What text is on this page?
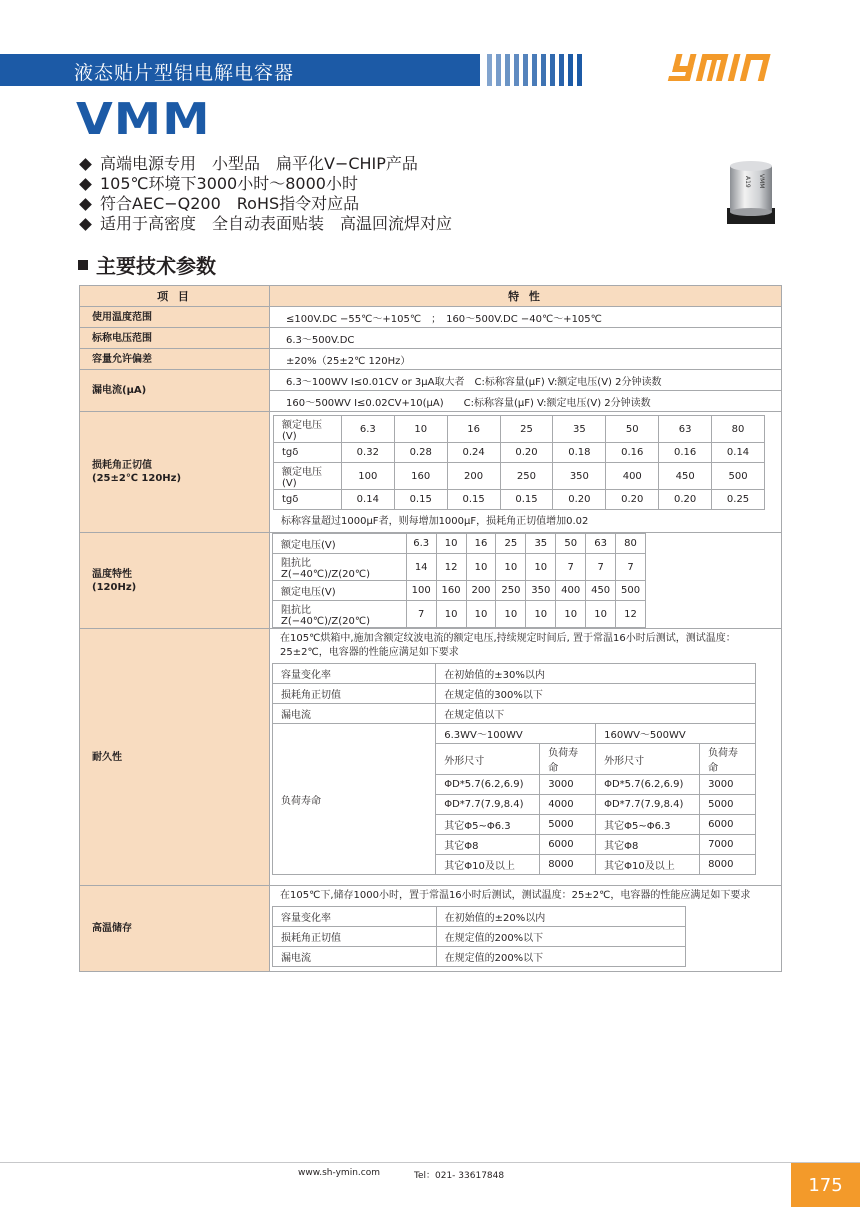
液态贴片型铝电解电容器
VMM
高端电源专用　小型品　扁平化V−CHIP产品
105℃环境下3000小时～8000小时
符合AEC−Q200　RoHS指令对应品
适用于高密度　全自动表面贴装　高温回流焊对应
VMM
A19
主要技术参数
项 目	特 性
使用温度范围	≤100V.DC −55℃～+105℃　；　160～500V.DC −40℃～+105℃
标称电压范围	6.3～500V.DC
容量允许偏差	±20%（25±2℃ 120Hz）
漏电流(μA)	6.3～100WV I≤0.01CV or 3μA取大者　C:标称容量(μF) V:额定电压(V) 2分钟读数
160～500WV I≤0.02CV+10(μA)　　C:标称容量(μF) V:额定电压(V) 2分钟读数

损耗角正切值
(25±2℃ 120Hz)

额定电压(V)	6.3	10	16	25	35	50	63	80
tgδ	0.32	0.28	0.24	0.20	0.18	0.16	0.16	0.14
额定电压(V)	100	160	200	250	350	400	450	500
tgδ	0.14	0.15	0.15	0.15	0.20	0.20	0.20	0.25
标称容量超过1000μF者，则每增加1000μF，损耗角正切值增加0.02

温度特性
(120Hz)

额定电压(V)	6.3	10	16	25	35	50	63	80
阻抗比Z(−40℃)/Z(20℃)	14	12	10	10	10	7	7	7
额定电压(V)	100	160	200	250	350	400	450	500
阻抗比Z(−40℃)/Z(20℃)	7	10	10	10	10	10	10	12

耐久性	
在105℃烘箱中,施加含额定纹波电流的额定电压,持续规定时间后, 置于常温16小时后测试，测试温度：25±2℃，电容器的性能应满足如下要求
容量变化率	在初始值的±30%以内
损耗角正切值	在规定值的300%以下
漏电流	在规定值以下
负荷寿命	6.3WV～100WV	160WV～500WV
外形尺寸	负荷寿命	外形尺寸	负荷寿命
ΦD*5.7(6.2,6.9)	3000	ΦD*5.7(6.2,6.9)	3000
ΦD*7.7(7.9,8.4)	4000	ΦD*7.7(7.9,8.4)	5000
其它Φ5~Φ6.3	5000	其它Φ5~Φ6.3	6000
其它Φ8	6000	其它Φ8	7000
其它Φ10及以上	8000	其它Φ10及以上	8000

高温储存	
在105℃下,储存1000小时，置于常温16小时后测试，测试温度：25±2℃，电容器的性能应满足如下要求
容量变化率	在初始值的±20%以内
损耗角正切值	在规定值的200%以下
漏电流	在规定值的200%以下
www.sh-ymin.com	Tel：021- 33617848	175
